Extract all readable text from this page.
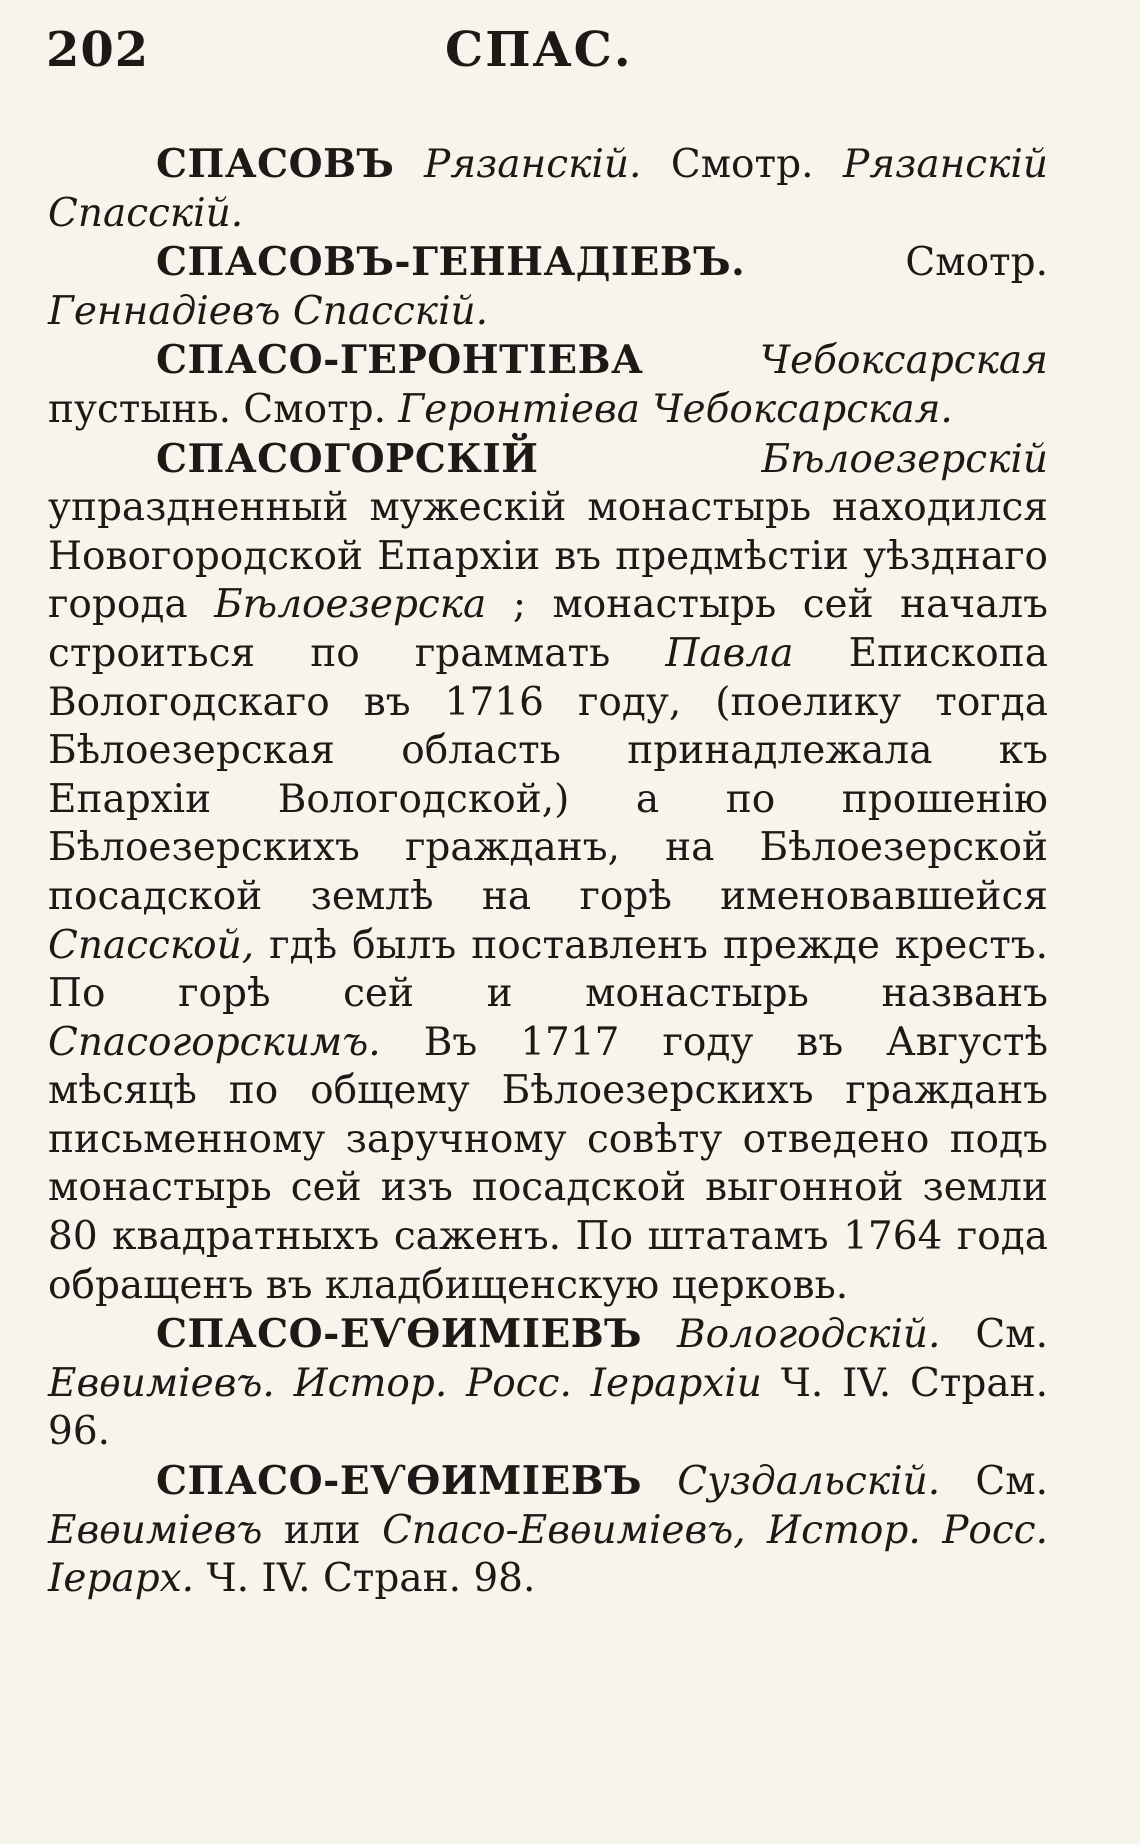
202	СПАС.

СПАСОВЪ Рязанскій. Смотр. Рязанскій Спасскій.

СПАСОВЪ-ГЕННАДІЕВЪ. Смотр. Геннадіевъ Спасскій.

СПАСО-ГЕРОНТІЕВА	Чебоксарская пустынь. Смотр. Геронтіева Чебоксарская.

СПАСОГОРСКІЙ	Бѣлоезерскій упраздненный мужескій монастырь находился Новогородской Епархіи въ предмѣстіи уѣзднаго города Бѣлоезерска ; монастырь сей началъ строиться по граммать Павла Епископа Вологодскаго въ 1716 году, (поелику тогда Бѣлоезерская область принадлежала къ Епархіи Вологодской,) а по прошенію Бѣлоезерскихъ гражданъ, на Бѣлоезерской посадской землѣ на горѣ именовавшейся Спасской, гдѣ былъ поставленъ прежде крестъ. По горѣ сей и монастырь названъ Спасогорскимъ. Въ 1717 году въ Августѣ мѣсяцѣ по общему Бѣлоезерскихъ гражданъ письменному заручному совѣту отведено подъ монастырь сей изъ посадской выгонной земли 80 квадратныхъ саженъ. По штатамъ 1764 года обращенъ въ кладбищенскую церковь.

СПАСО-ЕѴѲИМІЕВЪ Вологодскій. См. Евѳиміевъ. Истор. Росс. Іерархіи Ч. IV. Стран. 96.

СПАСО-ЕѴѲИМІЕВЪ Суздальскій. См. Евѳиміевъ или Спасо-Евѳиміевъ, Истор. Росс. Іерарх. Ч. IV. Стран. 98.
